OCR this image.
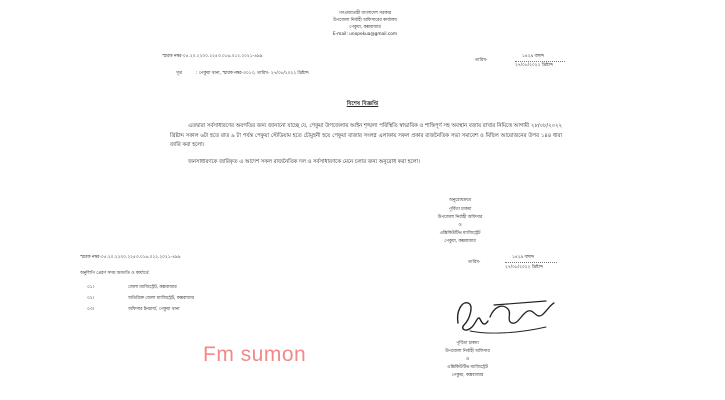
গণপ্রজাতন্ত্রী বাংলাদেশ সরকার
উপজেলা নির্বাহী অফিসারের কার্যালয়
পেকুয়া, কক্সবাজার
E-mail: unopekua@gmail.com
স্মারক নম্বর-০৫.২০.২২০০.২২৫৩.০১৬.০১২.২০২১-৪৯৯
তারিখ-
১৪২৯ বঙ্গাব্দ
২৭/০৮/২০২২ খ্রিষ্টাব্দ
সূত্র	: পেকুয়া থানা, স্মারক নম্বর-৩০১৩, তারিখ- ২৭/০৮/২০২২ খ্রিষ্টাব্দ
বিশেষ বিজ্ঞপ্তি
এতদ্বারা সর্বসাধারণের অবগতির জন্য জানানো যাচ্ছে যে, পেকুয়া উপজেলায় আইন শৃঙ্খলা পরিস্থিতি স্বাভাবিক ও শান্তিপূর্ণ সহ অবস্থান বজায় রাখার নিমিত্তে আগামী ২৮/০৮/২০২২ খ্রিষ্টাব্দ সকাল ৬টা হতে রাত ৯ টা পর্যন্ত পেকুয়া স্টেডিয়াম হতে চৌমুহনী হয়ে পেকুয়া বাজার সংলগ্ন এলাকায় সকল প্রকার রাজনৈতিক সভা সমাবেশ ও মিছিল আয়োজনের উপর ১৪৪ ধারা জারি করা হলো।
জনসাধারণকে জারিকৃত এ আদেশ সকল রাজনৈতিক দল ও সর্বসাধারণকে মেনে চলার জন্য অনুরোধ করা হলো।
অনুরোধক্রমে
পূর্বিতা চাকমা
উপজেলা নির্বাহী অফিসার
ও
এক্সিকিউটিভ ম্যাজিস্ট্রেট
পেকুয়া, কক্সবাজার
স্মারক নম্বর-০৫.২০.২২০০.২২৫৩.০১৬.০১২.২০২১-৪৯৯
তারিখ-
১৪২৯ বঙ্গাব্দ
২৭/০৮/২০২২ খ্রিষ্টাব্দ
অনুলিপি প্রেরণ সদয় অবগতি ও কার্যার্থে:
০১।	জেলা ম্যাজিস্ট্রেট, কক্সবাজার
০২।	অতিরিক্ত জেলা ম্যাজিস্ট্রেট, কক্সবাজার
০৩।	অফিসার ইনচার্জ, পেকুয়া থানা
পূর্বিতা চাকমা
উপজেলা নির্বাহী অফিসার
ও
এক্সিকিউটিভ ম্যাজিস্ট্রেট
পেকুয়া, কক্সবাজার
Fm sumon
